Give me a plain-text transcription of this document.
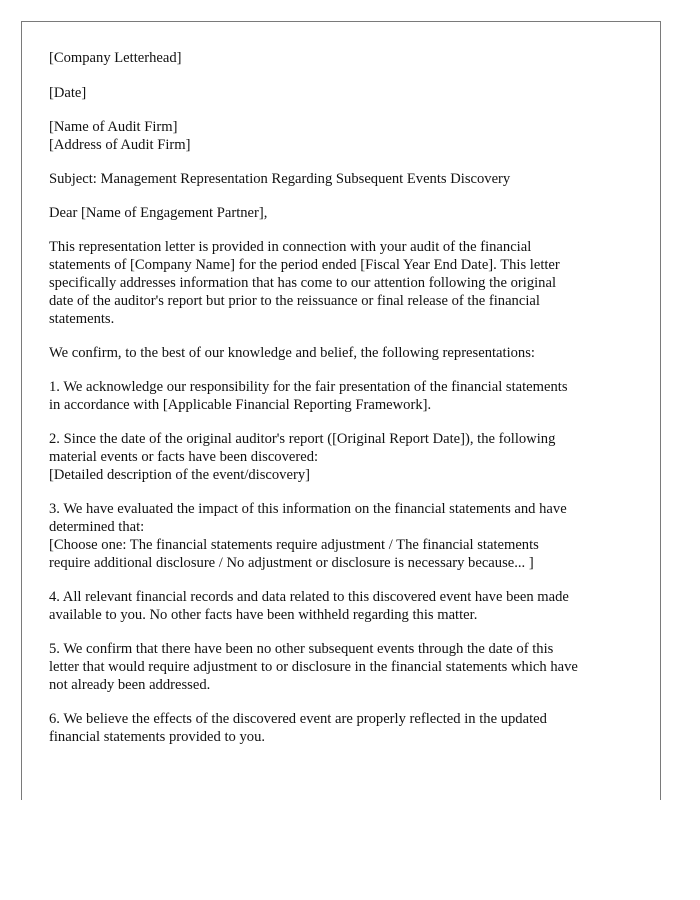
[Company Letterhead]
[Date]
[Name of Audit Firm]
[Address of Audit Firm]
Subject: Management Representation Regarding Subsequent Events Discovery
Dear [Name of Engagement Partner],
This representation letter is provided in connection with your audit of the financial
statements of [Company Name] for the period ended [Fiscal Year End Date]. This letter
specifically addresses information that has come to our attention following the original
date of the auditor's report but prior to the reissuance or final release of the financial
statements.
We confirm, to the best of our knowledge and belief, the following representations:
1. We acknowledge our responsibility for the fair presentation of the financial statements
in accordance with [Applicable Financial Reporting Framework].
2. Since the date of the original auditor's report ([Original Report Date]), the following
material events or facts have been discovered:
[Detailed description of the event/discovery]
3. We have evaluated the impact of this information on the financial statements and have
determined that:
[Choose one: The financial statements require adjustment / The financial statements
require additional disclosure / No adjustment or disclosure is necessary because... ]
4. All relevant financial records and data related to this discovered event have been made
available to you. No other facts have been withheld regarding this matter.
5. We confirm that there have been no other subsequent events through the date of this
letter that would require adjustment to or disclosure in the financial statements which have
not already been addressed.
6. We believe the effects of the discovered event are properly reflected in the updated
financial statements provided to you.
